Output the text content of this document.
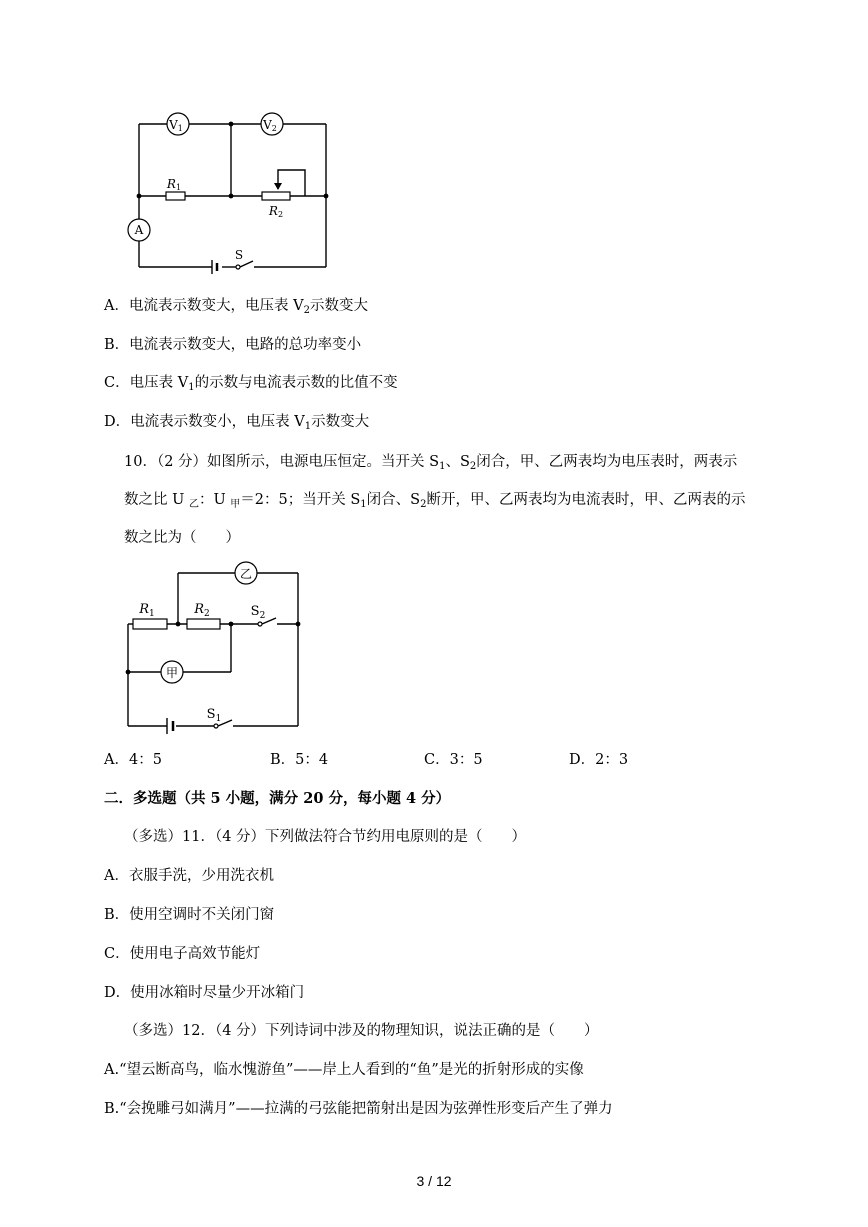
V1	V2
A
R1
R2
S
A．电流表示数变大，电压表 $V_2$示数变大
B．电流表示数变大，电路的总功率变小
C．电压表 $V_1$的示数与电流表示数的比值不变
D．电流表示数变小，电压表 $V_1$示数变大
10．（2 分）如图所示，电源电压恒定。当开关 $S_1$、$S_2$闭合，甲、乙两表均为电压表时，两表示
数之比 U $_乙$：U $_甲$＝2：5；当开关 $S_1$闭合、$S_2$断开，甲、乙两表均为电流表时，甲、乙两表的示
数之比为（　　）
乙
甲
$R_1$	$R_2$	$S_2$
$S_1$
A．4：5	B．5：4	C．3：5	D．2：3
二．多选题（共 5 小题，满分 20 分，每小题 4 分）
（多选）11．（4 分）下列做法符合节约用电原则的是（　　）
A．衣服手洗，少用洗衣机
B．使用空调时不关闭门窗
C．使用电子高效节能灯
D．使用冰箱时尽量少开冰箱门
（多选）12．（4 分）下列诗词中涉及的物理知识，说法正确的是（　　）
A.“望云断高鸟，临水愧游鱼”——岸上人看到的“鱼”是光的折射形成的实像
B.“会挽雕弓如满月”——拉满的弓弦能把箭射出是因为弦弹性形变后产生了弹力
3 / 12
